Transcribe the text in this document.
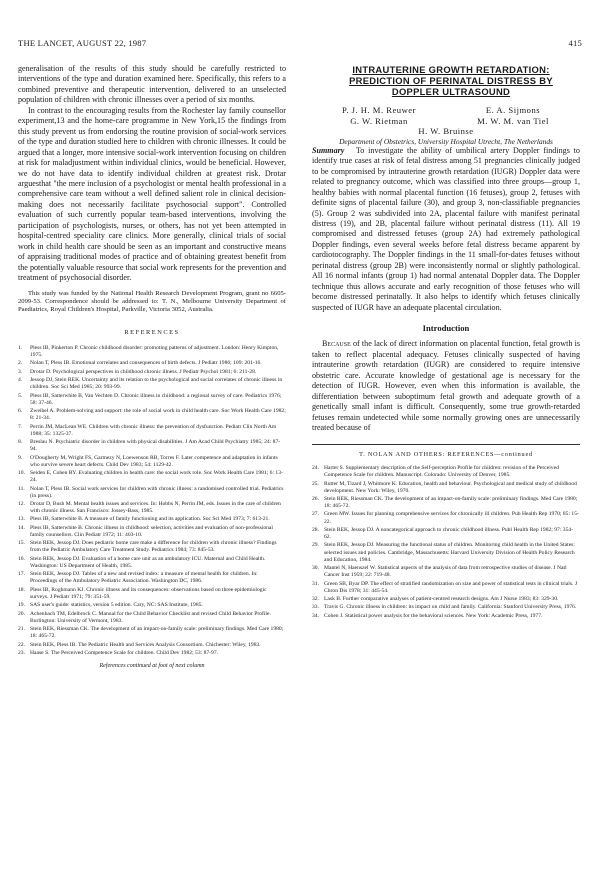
THE LANCET, AUGUST 22, 1987	415

generalisation of the results of this study should be carefully restricted to interventions of the type and duration examined here. Specifically, this refers to a combined preventive and therapeutic intervention, delivered to an unselected population of children with chronic illnesses over a period of six months.

In contrast to the encouraging results from the Rochester lay family counsellor experiment,13 and the home-care programme in New York,15 the findings from this study prevent us from endorsing the routine provision of social-work services of the type and duration studied here to children with chronic illnesses. It could be argued that a longer, more intensive social-work intervention focusing on children at risk for maladjustment within individual clinics, would be beneficial. However, we do not have data to identify individual children at greatest risk. Drotar arguesthat "the mere inclusion of a psychologist or mental health professional in a comprehensive care team without a well defined salient role in clinical decision-making does not necessarily facilitate psychosocial support". Controlled evaluation of such currently popular team-based interventions, involving the participation of psychologists, nurses, or others, has not yet been attempted in hospital-centred speciality care clinics. More generally, clinical trials of social work in child health care should be seen as an important and constructive means of appraising traditional modes of practice and of obtaining greatest benefit from the potentially valuable resource that social work represents for the prevention and treatment of psychosocial disorder.

This study was funded by the National Health Research Development Program, grant no 6605-2099-53. Correspondence should be addressed to: T. N., Melbourne University Department of Paediatrics, Royal Children's Hospital, Parkville, Victoria 3052, Australia.

REFERENCES
1. Pless IB, Pinkerton P. Chronic childhood disorder: promoting patterns of adjustment. London: Henry Kimpton, 1975.
2. Nolan T, Pless IB. Emotional correlates and consequences of birth defects. J Pediatr 1986; 109: 201-16.
3. Drotar D. Psychological perspectives in childhood chronic illness. J Pediatr Psychol 1981; 6: 211-28.
4. Jessop DJ, Stein REK. Uncertainty and its relation to the psychological and social correlates of chronic illness in children. Soc Sci Med 1985; 20: 993-99.
5. Pless IB, Satterwhite B, Van Vechten D. Chronic illness in childhood: a regional survey of care. Pediatrics 1976; 58: 37-46.
6. Zweibel A. Problem-solving and support: the role of social work in child health care. Soc Work Health Care 1982; 8: 21-34.
7. Perrin JM, MacLean WE. Children with chronic illness: the prevention of dysfunction. Pediatr Clin North Am 1988; 35: 1325-37.
8. Breslau N. Psychiatric disorder in children with physical disabilities. J Am Acad Child Psychiatry 1985; 24: 87-94.
9. O'Dougherty M, Wright FS, Garmezy N, Loewenson RB, Torres F. Later competence and adaptation in infants who survive severe heart defects. Child Dev 1983; 54: 1129-42.
10. Seiden E, Cohen RY. Evaluating children in health care: the social work role. Soc Work Health Care 1981; 6: 13-24.
11. Nolan T, Pless IB. Social work services for children with chronic illness: a randomised controlled trial. Pediatrics (in press).
12. Drotar D, Bush M. Mental health issues and services. In: Hobbs N, Perrin JM, eds. Issues in the care of children with chronic illness. San Francisco: Jossey-Bass, 1985.
13. Pless IB, Satterwhite B. A measure of family functioning and its application. Soc Sci Med 1973; 7: 613-21.
14. Pless IB, Satterwhite B. Chronic illness in childhood: selection, activities and evaluation of non-professional family counsellors. Clin Pediatr 1972; 11: 403-10.
15. Stein REK, Jessop DJ. Does pediatric home care make a difference for children with chronic illness? Findings from the Pediatric Ambulatory Care Treatment Study. Pediatrics 1984; 73: 845-53.
16. Stein REK, Jessop DJ. Evaluation of a home care unit as an ambulatory ICU. Maternal and Child Health. Washington: US Department of Health, 1985.
17. Stein REK, Jessop DJ. Tables of a new and revised index: a measure of mental health for children. In: Proceedings of the Ambulatory Pediatric Association. Washington DC, 1986.
18. Pless IB, Roghmann KJ. Chronic illness and its consequences: observations based on three epidemiologic surveys. J Pediatr 1971; 79: 351-59.
19. SAS user's guide: statistics, version 5 edition. Cary, NC: SAS Institute, 1985.
20. Achenbach TM, Edelbrock C. Manual for the Child Behavior Checklist and revised Child Behavior Profile. Burlington: University of Vermont, 1983.
21. Stein REK, Riessman CK. The development of an impact-on-family scale: preliminary findings. Med Care 1980; 18: 465-72.
22. Stein REK, Pless IB. The Pediatric Health and Services Analysis Consortium. Chichester: Wiley, 1983.
23. Haase S. The Perceived Competence Scale for children. Child Dev 1982; 53: 87-97.
References continued at foot of next column

INTRAUTERINE GROWTH RETARDATION:

PREDICTION OF PERINATAL DISTRESS BY

DOPPLER ULTRASOUND

P. J. H. M. Reuwer	E. A. Sijmons
G. W. Rietman	M. W. M. van Tiel
H. W. Bruinse

Department of Obstetrics, University Hospital Utrecht, The Netherlands

Summary To investigate the ability of umbilical artery Doppler findings to identify true cases at risk of fetal distress among 51 pregnancies clinically judged to be compromised by intrauterine growth retardation (IUGR) Doppler data were related to pregnancy outcome, which was classified into three groups—group 1, healthy babies with normal placental function (16 fetuses), group 2, fetuses with definite signs of placental failure (30), and group 3, non-classifiable pregnancies (5). Group 2 was subdivided into 2A, placental failure with manifest perinatal distress (19), and 2B, placental failure without perinatal distress (11). All 19 compromised and distressed fetuses (group 2A) had extremely pathological Doppler findings, even several weeks before fetal distress became apparent by cardiotocography. The Doppler findings in the 11 small-for-dates fetuses without perinatal distress (group 2B) were inconsistently normal or slightly pathological. All 16 normal infants (group 1) had normal antenatal Doppler data. The Doppler technique thus allows accurate and early recognition of those fetuses who will become distressed perinatally. It also helps to identify which fetuses clinically suspected of IUGR have an adequate placental circulation.

Introduction

Because of the lack of direct information on placental function, fetal growth is taken to reflect placental adequacy. Fetuses clinically suspected of having intrauterine growth retardation (IUGR) are considered to require intensive obstetric care. Accurate knowledge of gestational age is necessary for the detection of IUGR. However, even when this information is available, the differentiation between suboptimum fetal growth and adequate growth of a genetically small infant is difficult. Consequently, some true growth-retarded fetuses remain undetected while some normally growing ones are unnecessarily treated because of

T. NOLAN AND OTHERS: REFERENCES—continued
24. Harter S. Supplementary description of the Self-perception Profile for children: revision of the Perceived Competence Scale for children. Manuscript. Colorado: University of Denver, 1985.
25. Rutter M, Tizard J, Whitmore K. Education, health and behaviour. Psychological and medical study of childhood development. New York: Wiley, 1970.
26. Stein REK, Riessman CK. The development of an impact-on-family scale: preliminary findings. Med Care 1980; 18: 465-72.
27. Green MW. Issues for planning comprehensive services for chronically ill children. Pub Health Rep 1970; 85: 15-22.
28. Stein REK, Jessop DJ. A noncategorical approach to chronic childhood illness. Publ Health Rep 1982; 97: 354-62.
29. Stein REK, Jessop DJ. Measuring the functional status of children. Monitoring child health in the United States: selected issues and policies. Cambridge, Massachusetts: Harvard University Division of Health Policy Research and Education, 1984.
30. Mantel N, Haenszel W. Statistical aspects of the analysis of data from retrospective studies of disease. J Natl Cancer Inst 1959; 22: 719-48.
31. Green SB, Byar DP. The effect of stratified randomization on size and power of statistical tests in clinical trials. J Chron Dis 1978; 31: 445-54.
32. Lask B. Further comparative analyses of patient-centred research designs. Am J Nurse 1983; 83: 329-30.
33. Travis G. Chronic illness in children: its impact on child and family. California: Stanford University Press, 1976.
34. Cohen J. Statistical power analysis for the behavioral sciences. New York: Academic Press, 1977.
